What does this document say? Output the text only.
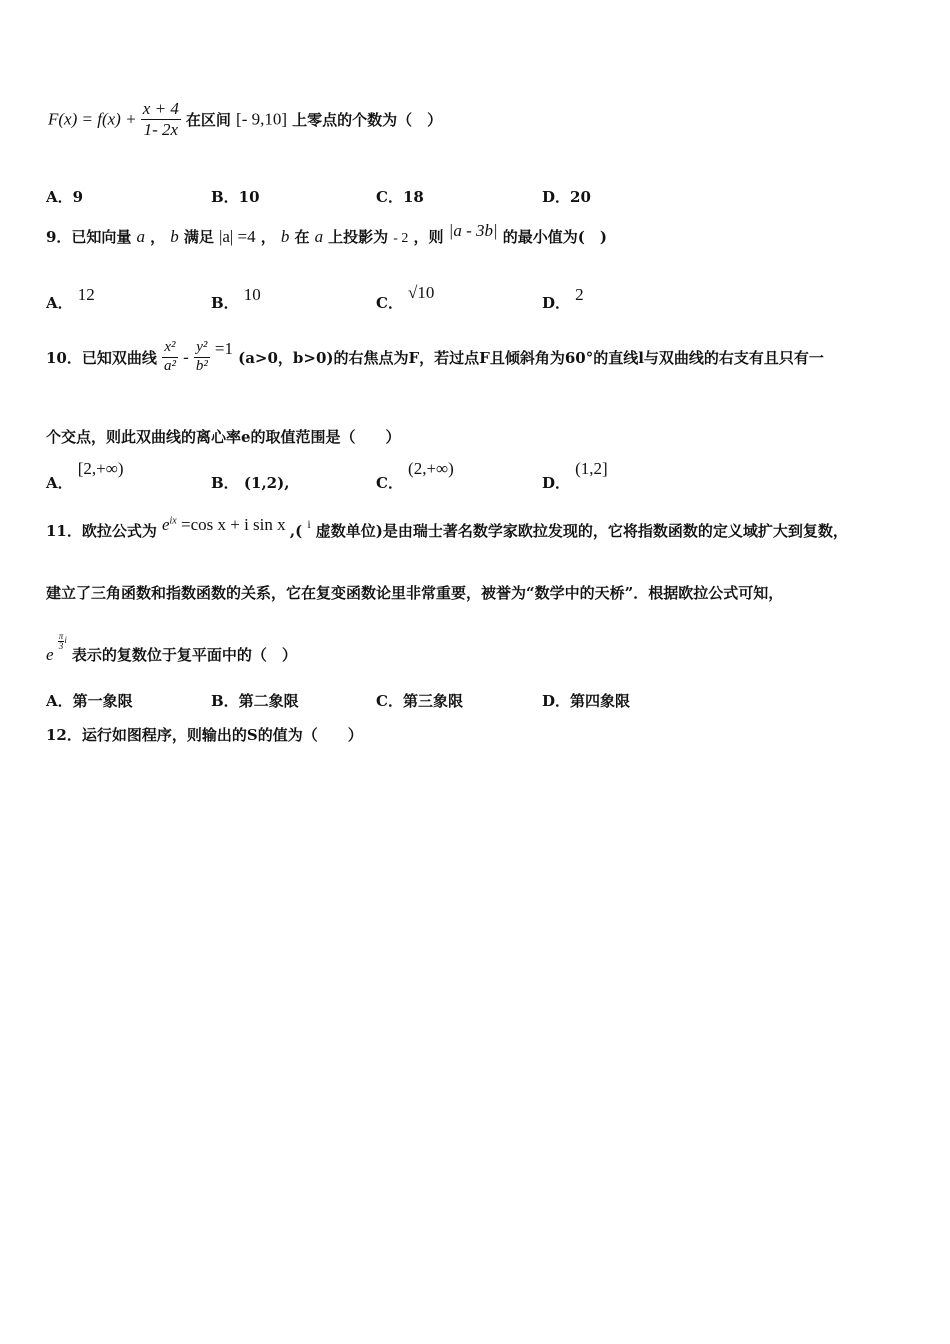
$F(x) = f(x) + \frac{x + 4}{1- 2x}$ 在区间 [- 9,10] 上零点的个数为（　）
A．9	B．10	C．18	D．20
9．已知向量 a ， b 满足 |a| =4 ， b 在 a 上投影为 - 2 ，则 |a - 3b| 的最小值为(　)
A． 12	B． 10	C． √10
D． 2
10．已知双曲线 $\frac{\text{x²}}{\text{a²}} - \frac{\text{y²}}{\text{b²}} =1$ (a>0，b>0)的右焦点为F，若过点F且倾斜角为60°的直线l与双曲线的右支有且只有一
个交点，则此双曲线的离心率e的取值范围是（　　）
A． [2,+∞)
B． (1,2),	C． (2,+∞)
D． (1,2]
11．欧拉公式为 $e^{ix} =\cos$ x + i sin x ,( $^i$ 虚数单位)是由瑞士著名数学家欧拉发现的，它将指数函数的定义域扩大到复数，
建立了三角函数和指数函数的关系，它在复变函数论里非常重要，被誉为“数学中的天桥”．根据欧拉公式可知，
e
$\frac{\pi}{3}$ i 表示的复数位于复平面中的（　）
A．第一象限	B．第二象限	C．第三象限	D．第四象限
12．运行如图程序，则输出的S的值为（　　）
